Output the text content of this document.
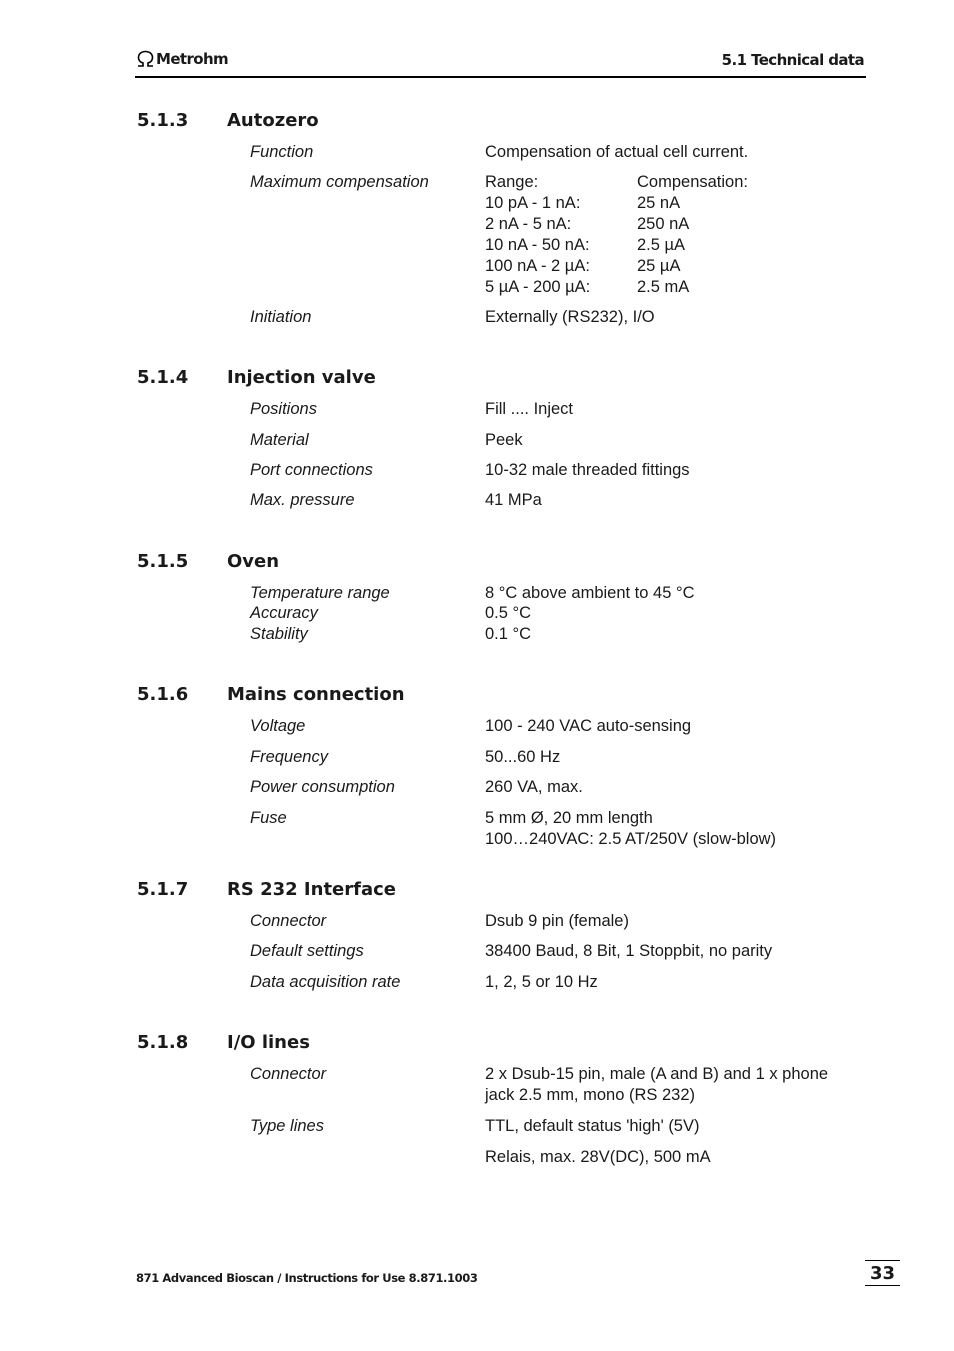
Metrohm	5.1 Technical data
5.1.3 Autozero
Function	Compensation of actual cell current.
Maximum compensation	Range:	Compensation:
10 pA - 1 nA:	25 nA
2 nA - 5 nA:	250 nA
10 nA - 50 nA:	2.5 µA
100 nA - 2 µA:	25 µA
5 µA - 200 µA:	2.5 mA
Initiation	Externally (RS232), I/O
5.1.4 Injection valve
Positions	Fill .... Inject
Material	Peek
Port connections	10-32 male threaded fittings
Max. pressure	41 MPa
5.1.5 Oven
Temperature range	8 °C above ambient to 45 °C
Accuracy	0.5 °C
Stability	0.1 °C
5.1.6 Mains connection
Voltage	100 - 240 VAC auto-sensing
Frequency	50...60 Hz
Power consumption	260 VA, max.
Fuse	5 mm Ø, 20 mm length
100…240VAC: 2.5 AT/250V (slow-blow)
5.1.7 RS 232 Interface
Connector	Dsub 9 pin (female)
Default settings	38400 Baud, 8 Bit, 1 Stoppbit, no parity
Data acquisition rate	1, 2, 5 or 10 Hz
5.1.8 I/O lines
Connector	2 x Dsub-15 pin, male (A and B) and 1 x phone
jack 2.5 mm, mono (RS 232)
Type lines	TTL, default status 'high' (5V)
Relais, max. 28V(DC), 500 mA
871 Advanced Bioscan / Instructions for Use 8.871.1003	33
